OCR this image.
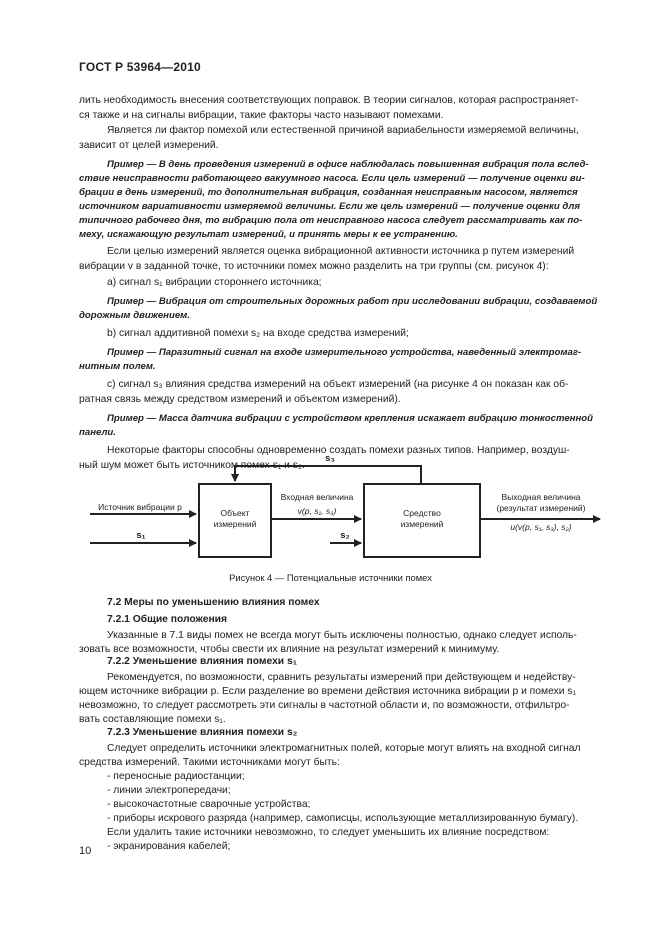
ГОСТ Р 53964—2010
лить необходимость внесения соответствующих поправок. В теории сигналов, которая распространяет-
ся также и на сигналы вибрации, такие факторы часто называют помехами.
Является ли фактор помехой или естественной причиной вариабельности измеряемой величины,
зависит от целей измерений.
Пример — В день проведения измерений в офисе наблюдалась повышенная вибрация пола вслед-
ствие неисправности работающего вакуумного насоса. Если цель измерений — получение оценки ви-
брации в день измерений, то дополнительная вибрация, созданная неисправным насосом, является
источником вариативности измеряемой величины. Если же цель измерений — получение оценки для
типичного рабочего дня, то вибрацию пола от неисправного насоса следует рассматривать как по-
меху, искажающую результат измерений, и принять меры к ее устранению.
Если целью измерений является оценка вибрационной активности источника p путем измерений
вибрации v в заданной точке, то источники помех можно разделить на три группы (см. рисунок 4):
a) сигнал s₁ вибрации стороннего источника;
Пример — Вибрация от строительных дорожных работ при исследовании вибрации, создаваемой
дорожным движением.
b) сигнал аддитивной помехи s₂ на входе средства измерений;
Пример — Паразитный сигнал на входе измерительного устройства, наведенный электромаг-
нитным полем.
c) сигнал s₃ влияния средства измерений на объект измерений (на рисунке 4 он показан как об-
ратная связь между средством измерений и объектом измерений).
Пример — Масса датчика вибрации с устройством крепления искажает вибрацию тонкостенной
панели.
Некоторые факторы способны одновременно создать помехи разных типов. Например, воздуш-
ный шум может быть источником помех s₁ и s₂.
s₃
Источник вибрации p
s₁
Объект
измерений
Входная величина
v(p, s₁, s₃)
s₂
Средство
измерений
Выходная величина
(результат измерений)
u(v(p, s₁, s₃), s₂)
Рисунок 4 — Потенциальные источники помех
7.2 Меры по уменьшению влияния помех
7.2.1 Общие положения
Указанные в 7.1 виды помех не всегда могут быть исключены полностью, однако следует исполь-
зовать все возможности, чтобы свести их влияние на результат измерений к минимуму.
7.2.2 Уменьшение влияния помехи s₁
Рекомендуется, по возможности, сравнить результаты измерений при действующем и недейству-
ющем источнике вибрации p. Если разделение во времени действия источника вибрации p и помехи s₁
невозможно, то следует рассмотреть эти сигналы в частотной области и, по возможности, отфильтро-
вать составляющие помехи s₁.
7.2.3 Уменьшение влияния помехи s₂
Следует определить источники электромагнитных полей, которые могут влиять на входной сигнал
средства измерений. Такими источниками могут быть:
- переносные радиостанции;
- линии электропередачи;
- высокочастотные сварочные устройства;
- приборы искрового разряда (например, самописцы, использующие металлизированную бумагу).
Если удалить такие источники невозможно, то следует уменьшить их влияние посредством:
- экранирования кабелей;
10
